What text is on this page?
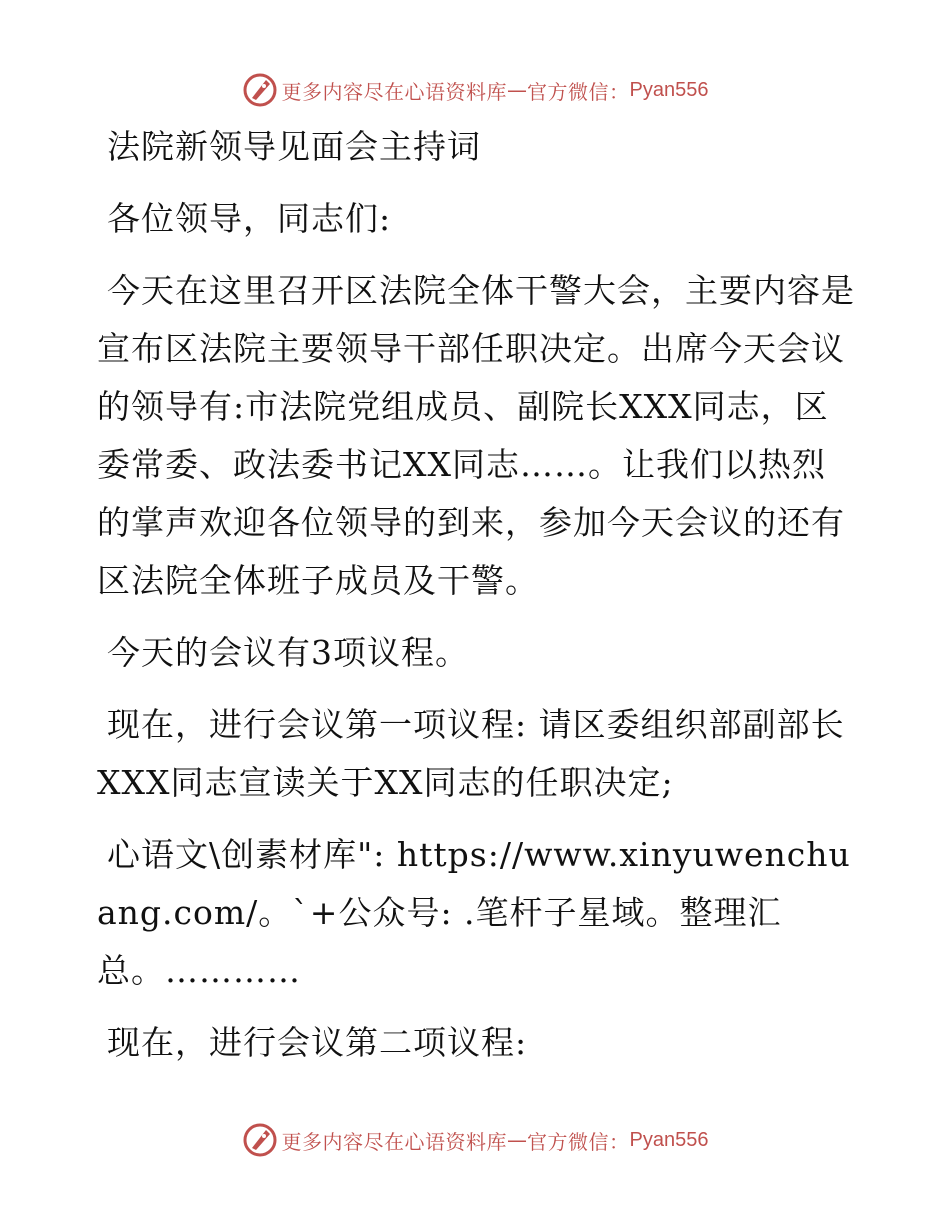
更多内容尽在心语资料库 — 官方微信： Pyan556

法院新领导见面会主持词

各位领导，同志们:

今天在这里召开区法院全体干警大会，主要内容是宣布区法院主要领导干部任职决定。出席今天会议的领导有:市法院党组成员、副院长XXX同志，区委常委、政法委书记XX同志……。让我们以热烈的掌声欢迎各位领导的到来，参加今天会议的还有区法院全体班子成员及干警。

今天的会议有3项议程。

现在，进行会议第一项议程: 请区委组织部副部长XXX同志宣读关于XX同志的任职决定;

心语文\创素材库": https://www.xinyuwenchuang.com/。`+公众号: .笔杆子星域。整理汇总。…………

现在，进行会议第二项议程:

更多内容尽在心语资料库 — 官方微信： Pyan556
